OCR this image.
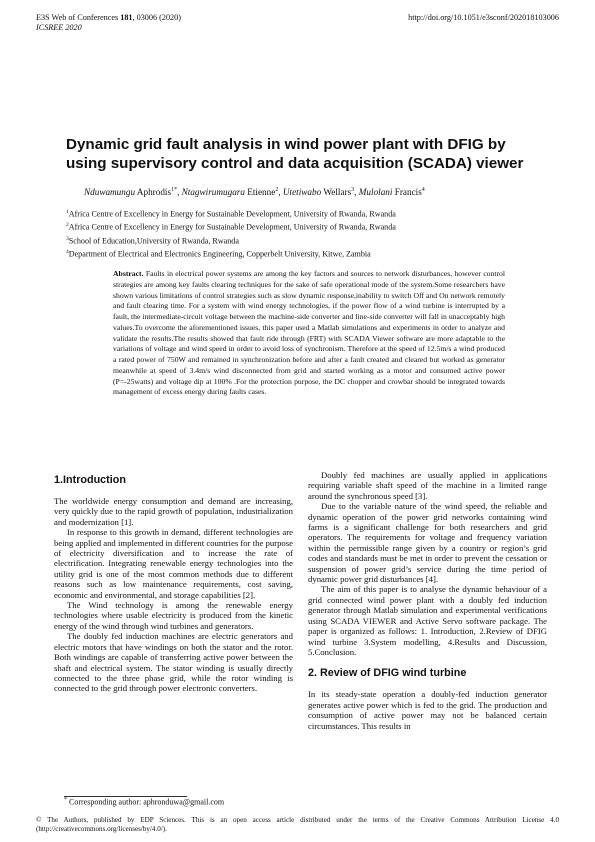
E3S Web of Conferences 181, 03006 (2020)
ICSREE 2020
http://doi.org/10.1051/e3sconf/202018103006
Dynamic grid fault analysis in wind power plant with DFIG by using supervisory control and data acquisition (SCADA) viewer
Nduwamungu Aphrodis$^{1*}$, Ntagwirumugara Etienne$^2$, Utetiwabo Wellars$^3$, Mulolani Francis$^4$
$^1$Africa Centre of Excellency in Energy for Sustainable Development, University of Rwanda, Rwanda
$^2$Africa Centre of Excellency in Energy for Sustainable Development, University of Rwanda, Rwanda
$^3$School of Education,University of Rwanda, Rwanda
$^4$Department of Electrical and Electronics Engineering, Copperbelt University, Kitwe, Zambia
Abstract. Faults in electrical power systems are among the key factors and sources to network disturbances, however control strategies are among key faults clearing techniques for the sake of safe operational mode of the system.Some researchers have shown various limitations of control strategies such as slow dynamic response,inability to switch Off and On network remotely and fault clearing time. For a system with wind energy technologies, if the power flow of a wind turbine is interrupted by a fault, the intermediate-circuit voltage between the machine-side converter and line-side converter will fall in unacceptably high values.To overcome the aforementioned issues, this paper used a Matlab simulations and experiments in order to analyze and validate the results.The results showed that fault ride through (FRT) with SCADA Viewer software are more adaptable to the variations of voltage and wind speed in order to avoid loss of synchronism. Therefore at the speed of 12.5m/s a wind produced a rated power of 750W and remained in synchronization before and after a fault created and cleared but worked as generator meanwhile at speed of 3.4m/s wind disconnected from grid and started working as a motor and consumed active power (P=-25watts) and voltage dip at 100% .For the protection purpose, the DC chopper and crowbar should be integrated towards management of excess energy during faults cases.
1.Introduction

The worldwide energy consumption and demand are increasing, very quickly due to the rapid growth of population, industrialization and modernization [1].

In response to this growth in demand, different technologies are being applied and implemented in different countries for the purpose of electricity diversification and to increase the rate of electrification. Integrating renewable energy technologies into the utility grid is one of the most common methods due to different reasons such as low maintenance requirements, cost saving, economic and environmental, and storage capabilities [2].

The Wind technology is among the renewable energy technologies where usable electricity is produced from the kinetic energy of the wind through wind turbines and generators.

The doubly fed induction machines are electric generators and electric motors that have windings on both the stator and the rotor. Both windings are capable of transferring active power between the shaft and electrical system. The stator winding is usually directly connected to the three phase grid, while the rotor winding is connected to the grid through power electronic converters.

Doubly fed machines are usually applied in applications requiring variable shaft speed of the machine in a limited range around the synchronous speed [3].

Due to the variable nature of the wind speed, the reliable and dynamic operation of the power grid networks containing wind farms is a significant challenge for both researchers and grid operators. The requirements for voltage and frequency variation within the permissible range given by a country or region’s grid codes and standards must be met in order to prevent the cessation or suspension of power grid’s service during the time period of dynamic power grid disturbances [4].

The aim of this paper is to analyse the dynamic behaviour of a grid connected wind power plant with a doubly fed induction generator through Matlab simulation and experimental verifications using SCADA VIEWER and Active Servo software package. The paper is organized as follows: 1. Introduction, 2.Review of DFIG wind turbine 3.System modelling, 4.Results and Discussion, 5.Conclusion.

2. Review of DFIG wind turbine

In its steady-state operation a doubly-fed induction generator generates active power which is fed to the grid. The production and consumption of active power may not be balanced certain circumstances. This results in

* Corresponding author: aphronduwa@gmail.com
© The Authors, published by EDP Sciences. This is an open access article distributed under the terms of the Creative Commons Attribution License 4.0 (http://creativecommons.org/licenses/by/4.0/).
